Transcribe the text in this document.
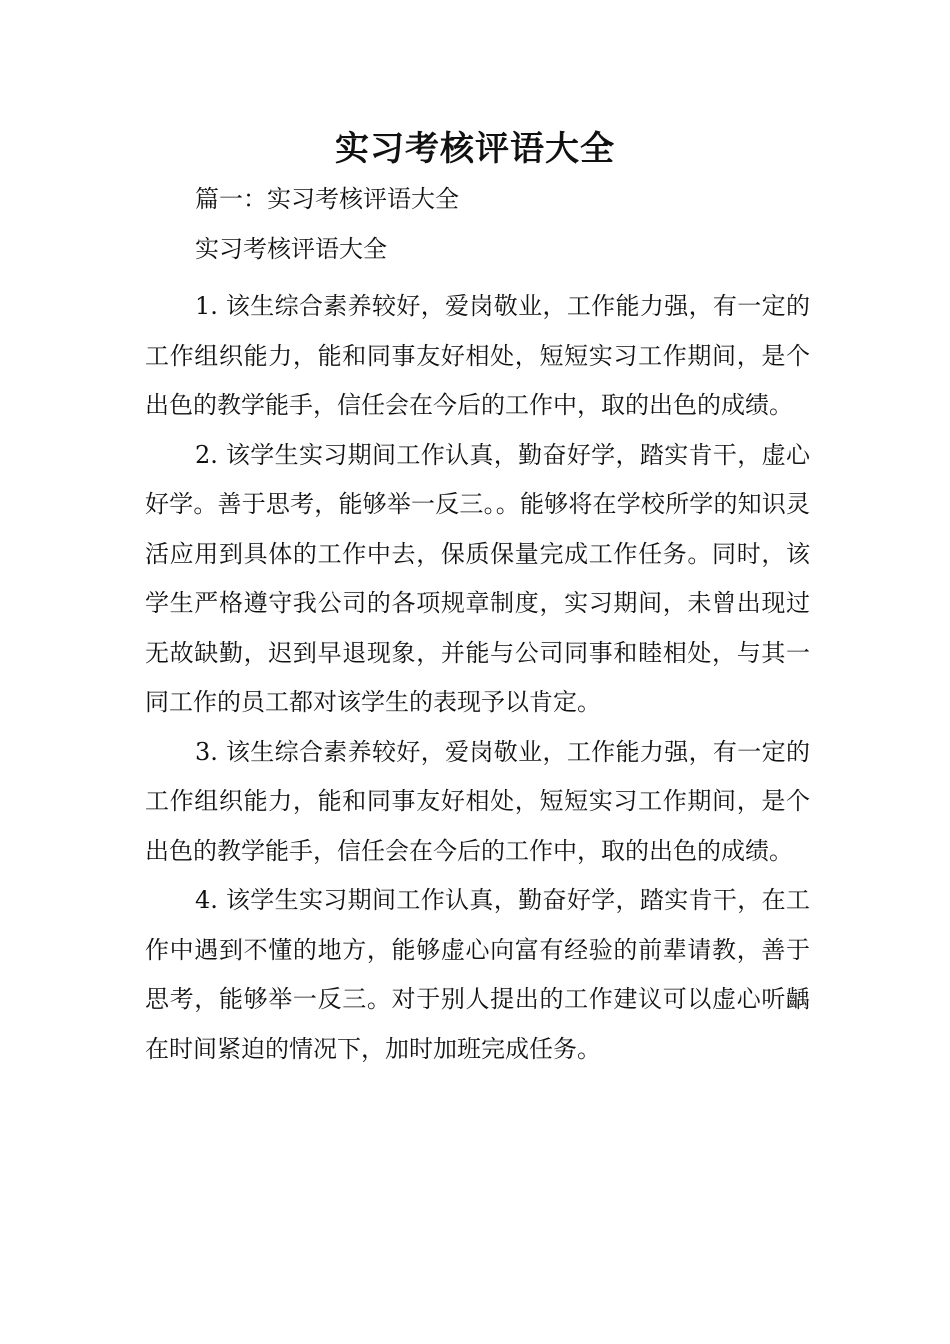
实习考核评语大全

篇一：实习考核评语大全

实习考核评语大全

1. 该生综合素养较好，爱岗敬业，工作能力强，有一定的工作组织能力，能和同事友好相处，短短实习工作期间，是个出色的教学能手，信任会在今后的工作中，取的出色的成绩。

2. 该学生实习期间工作认真，勤奋好学，踏实肯干，虚心好学。善于思考，能够举一反三。。能够将在学校所学的知识灵活应用到具体的工作中去，保质保量完成工作任务。同时，该学生严格遵守我公司的各项规章制度，实习期间，未曾出现过无故缺勤，迟到早退现象，并能与公司同事和睦相处，与其一同工作的员工都对该学生的表现予以肯定。

3. 该生综合素养较好，爱岗敬业，工作能力强，有一定的工作组织能力，能和同事友好相处，短短实习工作期间，是个出色的教学能手，信任会在今后的工作中，取的出色的成绩。

4. 该学生实习期间工作认真，勤奋好学，踏实肯干，在工作中遇到不懂的地方，能够虚心向富有经验的前辈请教，善于思考，能够举一反三。对于别人提出的工作建议可以虚心听齲在时间紧迫的情况下，加时加班完成任务。
